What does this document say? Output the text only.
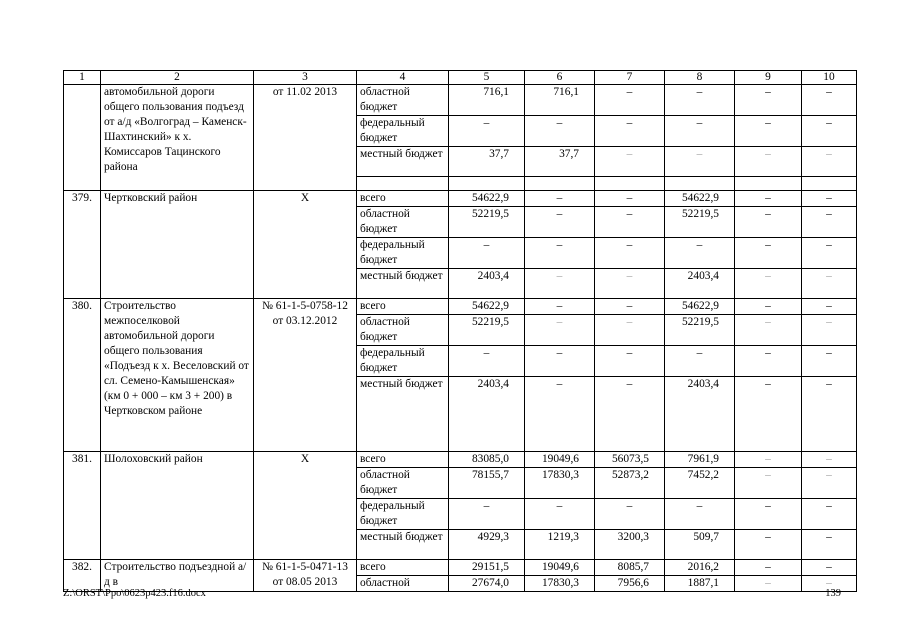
1	2	3	4	5	6	7	8	9	10
	автомобильной дороги общего пользования подъезд от а/д «Волгоград – Каменск-Шахтинский» к х. Комиссаров Тацинского района	от 11.02 2013	областной бюджет	716,1	716,1	–	–	–	–
			федеральный бюджет	–	–	–	–	–	–
			местный бюджет	37,7	37,7	–	–	–	–

379.	Чертковский район	Х	всего	54622,9	–	–	54622,9	–	–
			областной бюджет	52219,5	–	–	52219,5	–	–
			федеральный бюджет	–	–	–	–	–	–
			местный бюджет	2403,4	–	–	2403,4	–	–
380.	Строительство межпоселковой автомобильной дороги общего пользования «Подъезд к х. Веселовский от сл. Семено-Камышенская» (км 0 + 000 – км 3 + 200) в Чертковском районе	№ 61-1-5-0758-12 от 03.12.2012	всего	54622,9	–	–	54622,9	–	–
			областной бюджет	52219,5	–	–	52219,5	–	–
			федеральный бюджет	–	–	–	–	–	–
			местный бюджет	2403,4	–	–	2403,4	–	–
381.	Шолоховский район	Х	всего	83085,0	19049,6	56073,5	7961,9	–	–
			областной бюджет	78155,7	17830,3	52873,2	7452,2	–	–
			федеральный бюджет	–	–	–	–	–	–
			местный бюджет	4929,3	1219,3	3200,3	509,7	–	–
382.	Строительство подъездной а/д в	№ 61-1-5-0471-13 от 08.05 2013	всего	29151,5	19049,6	8085,7	2016,2	–	–
			областной	27674,0	17830,3	7956,6	1887,1	–	–
Z:\ORST\Ppo\0623p423.f16.docx	139
